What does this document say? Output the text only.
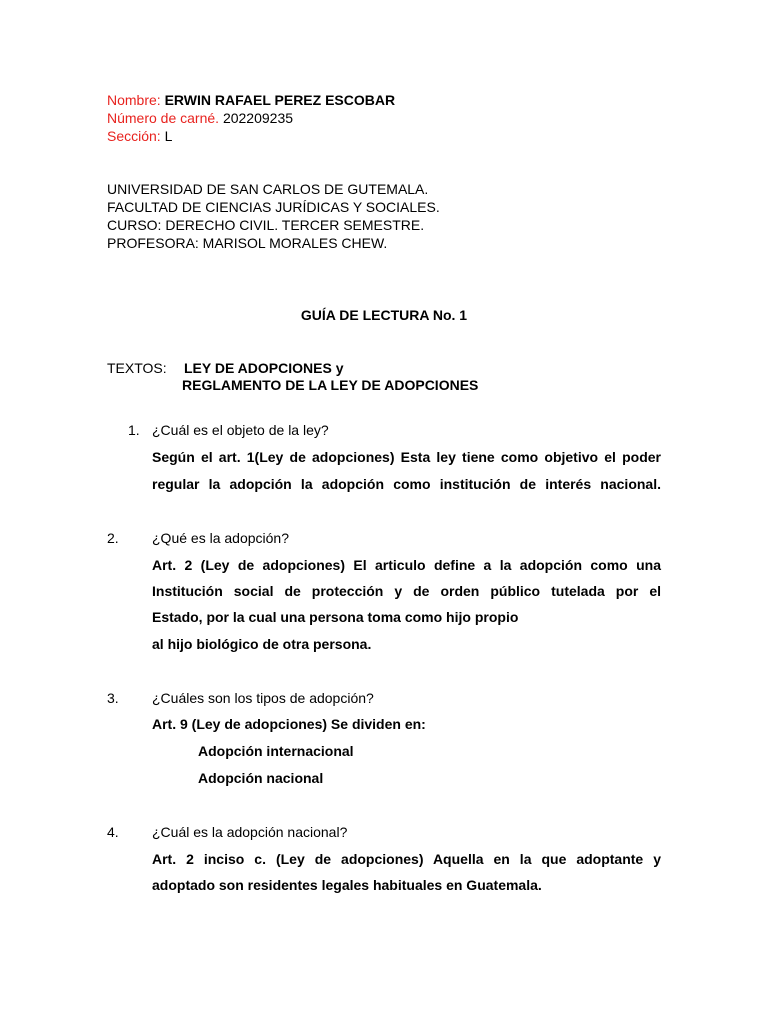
Nombre: ERWIN RAFAEL PEREZ ESCOBAR
Número de carné. 202209235
Sección: L
UNIVERSIDAD DE SAN CARLOS DE GUTEMALA.
FACULTAD DE CIENCIAS JURÍDICAS Y SOCIALES.
CURSO: DERECHO CIVIL. TERCER SEMESTRE.
PROFESORA: MARISOL MORALES CHEW.
GUÍA DE LECTURA No. 1
TEXTOS: LEY DE ADOPCIONES y
REGLAMENTO DE LA LEY DE ADOPCIONES
1. ¿Cuál es el objeto de la ley?
Según el art. 1(Ley de adopciones) Esta ley tiene como objetivo el poder
regular la adopción la adopción como institución de interés nacional.
2. ¿Qué es la adopción?
Art. 2 (Ley de adopciones) El articulo define a la adopción como una
Institución social de protección y de orden público tutelada por el
Estado, por la cual una persona toma como hijo propio
al hijo biológico de otra persona.
3. ¿Cuáles son los tipos de adopción?
Art. 9 (Ley de adopciones) Se dividen en:
Adopción internacional
Adopción nacional
4. ¿Cuál es la adopción nacional?
Art. 2 inciso c. (Ley de adopciones) Aquella en la que adoptante y
adoptado son residentes legales habituales en Guatemala.
